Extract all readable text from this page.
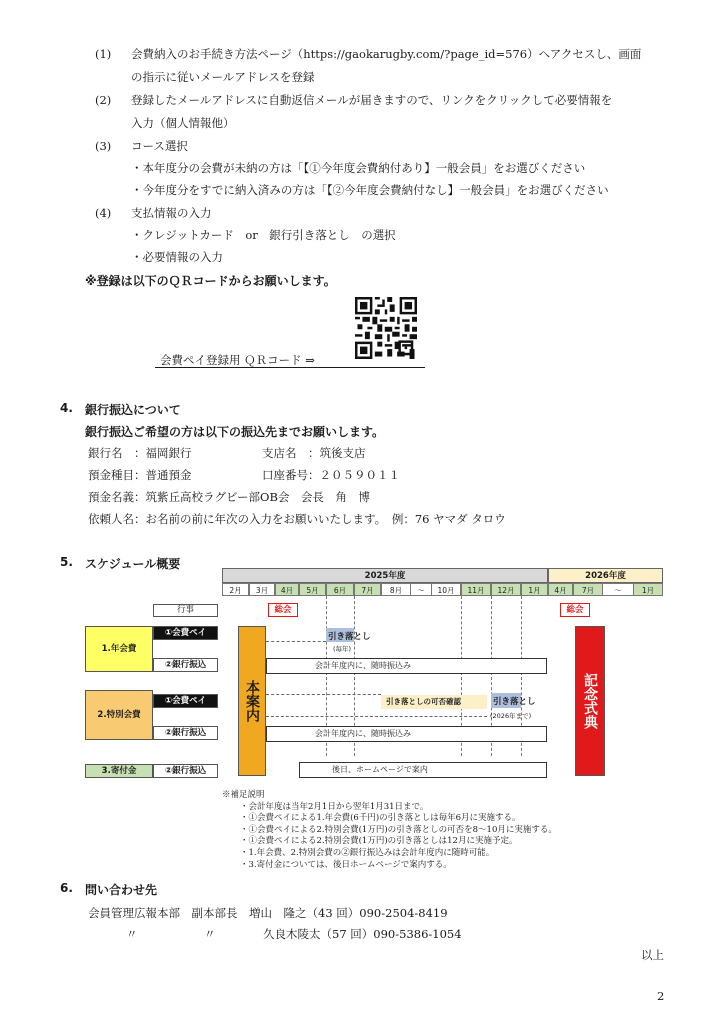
(1) 会費納入のお手続き方法ページ（https://gaokarugby.com/?page_id=576）へアクセスし、画面
の指示に従いメールアドレスを登録
(2) 登録したメールアドレスに自動返信メールが届きますので、リンクをクリックして必要情報を
入力（個人情報他）
(3) コース選択
・本年度分の会費が未納の方は「【①今年度会費納付あり】一般会員」をお選びください
・今年度分をすでに納入済みの方は「【②今年度会費納付なし】一般会員」をお選びください
(4) 支払情報の入力
・クレジットカード　or　銀行引き落とし　の選択
・必要情報の入力
※登録は以下のＱＲコードからお願いします。
会費ペイ登録用 ＱＲコード ⇒
4. 銀行振込について
銀行振込ご希望の方は以下の振込先までお願いします。
銀行名　：福岡銀行	支店名　：筑後支店
預金種目：普通預金	口座番号：２０５９０１１
預金名義：筑紫丘高校ラグビー部OB会　会長　角　博
依頼人名：お名前の前に年次の入力をお願いいたします。　例：76 ヤマダ タロウ
5. スケジュール概要
2025年度	2026年度
2月	3月	4月	5月	6月	7月	8月	～	10月	11月	12月	1月	4月	7月	～	1月
行事	総会	総会
本案内	記念式典
1.年会費
①会費ペイ
②銀行振込
引き落とし
(毎年)
会計年度内に、随時振込み
2.特別会費
①会費ペイ
②銀行振込
引き落としの可否確認	引き落とし
(2026年まで)
会計年度内に、随時振込み
3.寄付金	②銀行振込	後日、ホームページで案内
※補足説明
・会計年度は当年2月1日から翌年1月31日まで。
・①会費ペイによる1.年会費(6千円)の引き落としは毎年6月に実施する。
・①会費ペイによる2.特別会費(1万円)の引き落としの可否を8～10月に実施する。
・①会費ペイによる2.特別会費(1万円)の引き落としは12月に実施予定。
・1.年会費、2.特別会費の②銀行振込みは会計年度内に随時可能。
・3.寄付金については、後日ホームページで案内する。
6. 問い合わせ先
会員管理広報本部　副本部長　増山　隆之（43 回）090-2504-8419
〃	〃	久良木陵太（57 回）090-5386-1054
以上
2
